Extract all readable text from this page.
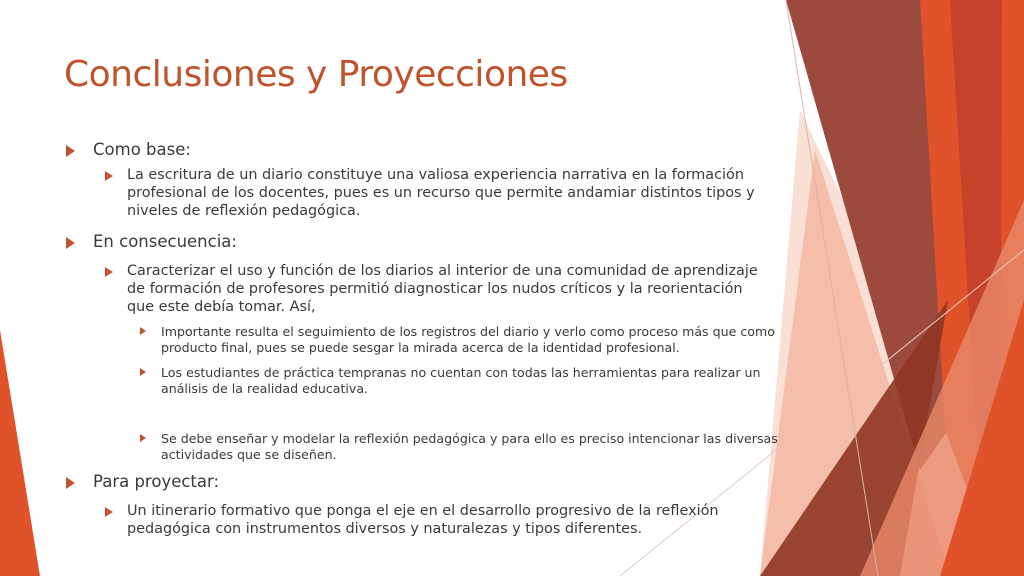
Conclusiones y Proyecciones
Como base:
La escritura de un diario constituye una valiosa experiencia narrativa en la formación profesional de los docentes, pues es un recurso que permite andamiar distintos tipos y niveles de reflexión pedagógica.
En consecuencia:
Caracterizar el uso y función de los diarios al interior de una comunidad de aprendizaje de formación de profesores permitió diagnosticar los nudos críticos y la reorientación que este debía tomar. Así,
Importante resulta el seguimiento de los registros del diario y verlo como proceso más que como producto final, pues se puede sesgar la mirada acerca de la identidad profesional.
Los estudiantes de práctica tempranas no cuentan con todas las herramientas para realizar un análisis de la realidad educativa.
Se debe enseñar y modelar la reflexión pedagógica y para ello es preciso intencionar las diversas actividades que se diseñen.
Para proyectar:
Un itinerario formativo que ponga el eje en el desarrollo progresivo de la reflexión pedagógica con instrumentos diversos y naturalezas y tipos diferentes.
